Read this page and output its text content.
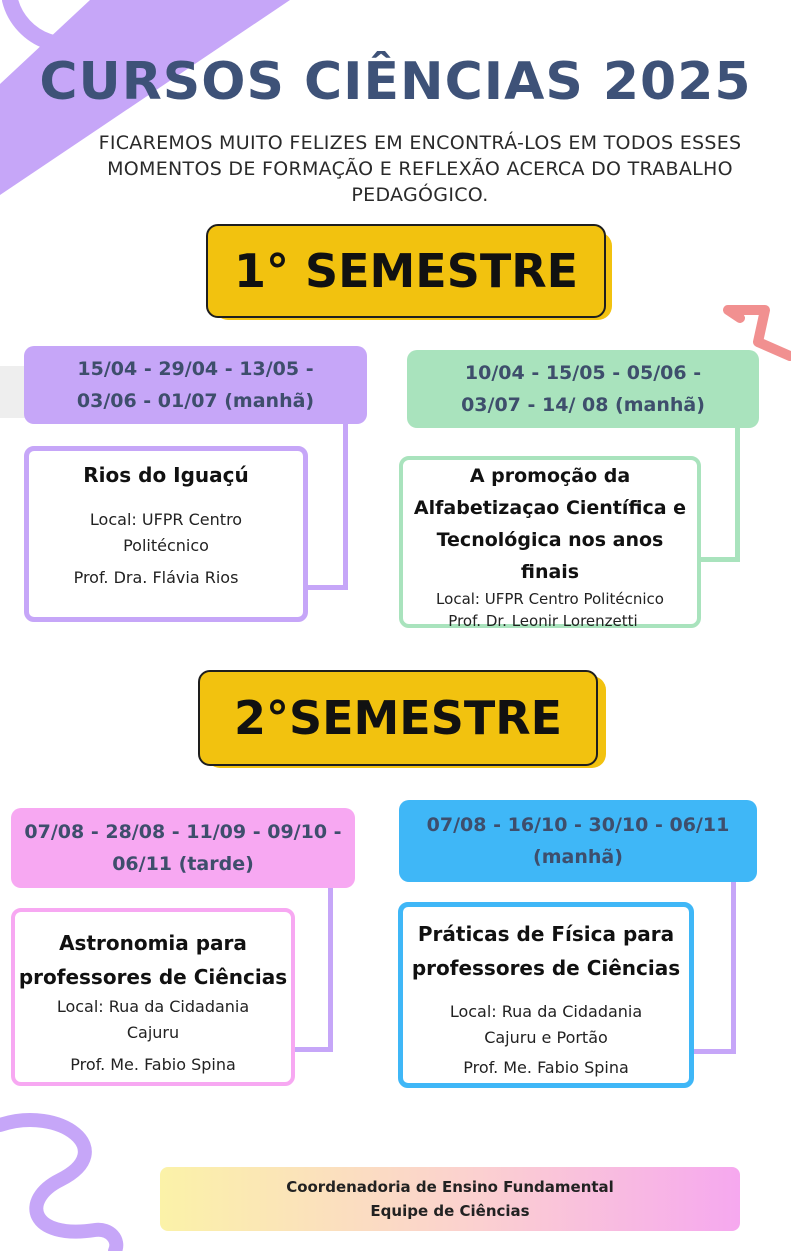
CURSOS CIÊNCIAS 2025
FICAREMOS MUITO FELIZES EM ENCONTRÁ-LOS EM TODOS ESSES
MOMENTOS DE FORMAÇÃO E REFLEXÃO ACERCA DO TRABALHO
PEDAGÓGICO.
1° SEMESTRE
15/04 - 29/04 - 13/05 -
03/06 - 01/07 (manhã)
Rios do Iguaçú
Local: UFPR Centro
Politécnico
Prof. Dra. Flávia Rios
10/04 - 15/05 - 05/06 -
03/07 - 14/ 08 (manhã)
A promoção da
Alfabetizaçao Científica e
Tecnológica nos anos
finais
Local: UFPR Centro Politécnico
Prof. Dr. Leonir Lorenzetti
2°SEMESTRE
07/08 - 28/08 - 11/09 - 09/10 -
06/11 (tarde)
Astronomia para
professores de Ciências
Local: Rua da Cidadania
Cajuru
Prof. Me. Fabio Spina
07/08 - 16/10 - 30/10 - 06/11
(manhã)
Práticas de Física para
professores de Ciências
Local: Rua da Cidadania
Cajuru e Portão
Prof. Me. Fabio Spina
Coordenadoria de Ensino Fundamental
Equipe de Ciências
